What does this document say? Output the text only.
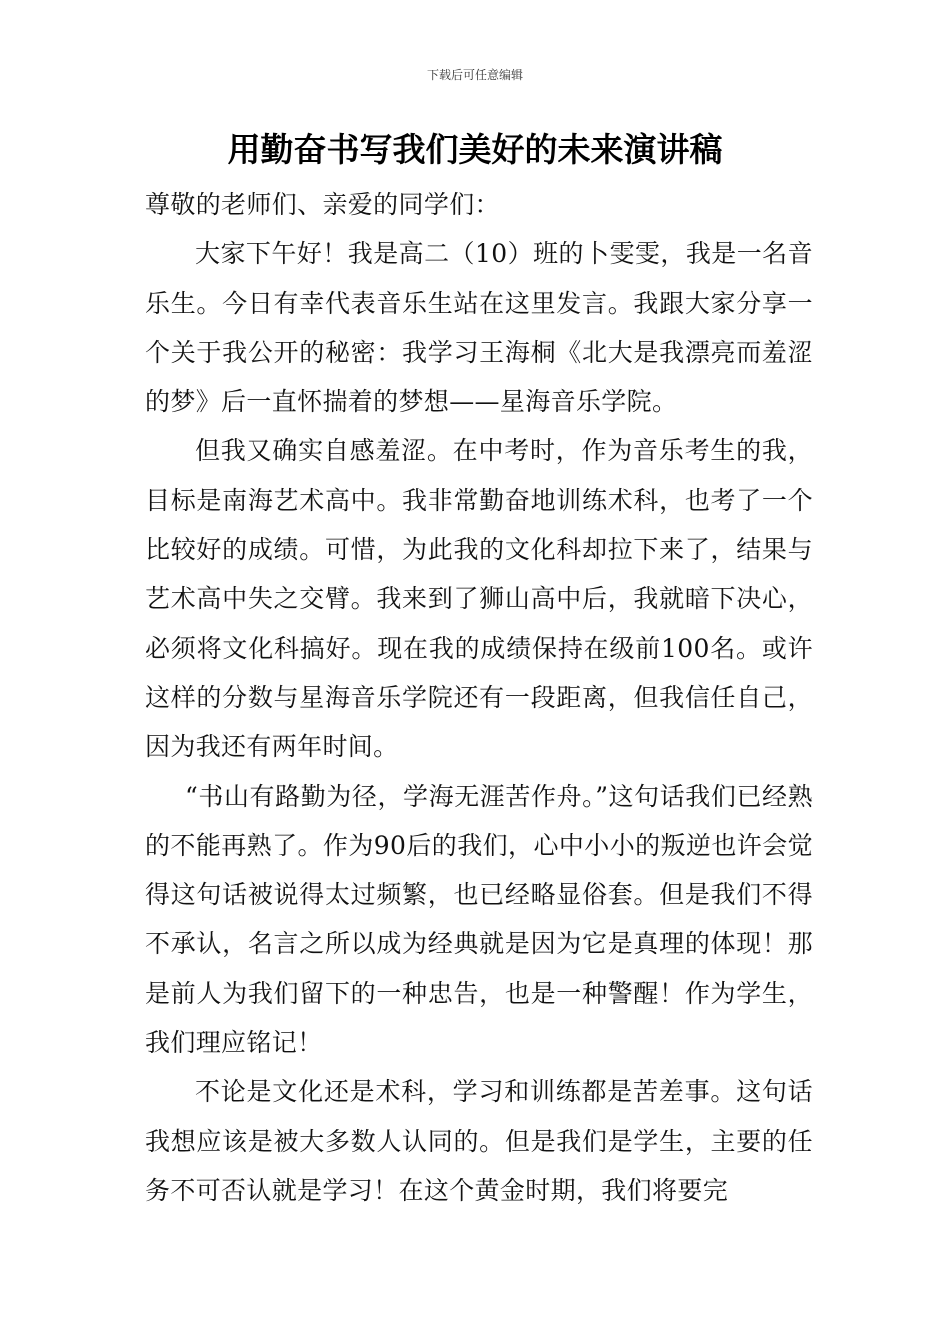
下载后可任意编辑
用勤奋书写我们美好的未来演讲稿

尊敬的老师们、亲爱的同学们：

大家下午好！我是高二（10）班的卜雯雯，我是一名音乐生。今日有幸代表音乐生站在这里发言。我跟大家分享一个关于我公开的秘密：我学习王海桐《北大是我漂亮而羞涩的梦》后一直怀揣着的梦想——星海音乐学院。

但我又确实自感羞涩。在中考时，作为音乐考生的我，目标是南海艺术高中。我非常勤奋地训练术科，也考了一个比较好的成绩。可惜，为此我的文化科却拉下来了，结果与艺术高中失之交臂。我来到了狮山高中后，我就暗下决心，必须将文化科搞好。现在我的成绩保持在级前100名。或许这样的分数与星海音乐学院还有一段距离，但我信任自己，因为我还有两年时间。

“书山有路勤为径，学海无涯苦作舟。”这句话我们已经熟的不能再熟了。作为90后的我们，心中小小的叛逆也许会觉得这句话被说得太过频繁，也已经略显俗套。但是我们不得不承认，名言之所以成为经典就是因为它是真理的体现！那是前人为我们留下的一种忠告，也是一种警醒！作为学生，我们理应铭记！

不论是文化还是术科，学习和训练都是苦差事。这句话我想应该是被大多数人认同的。但是我们是学生，主要的任务不可否认就是学习！在这个黄金时期，我们将要完
